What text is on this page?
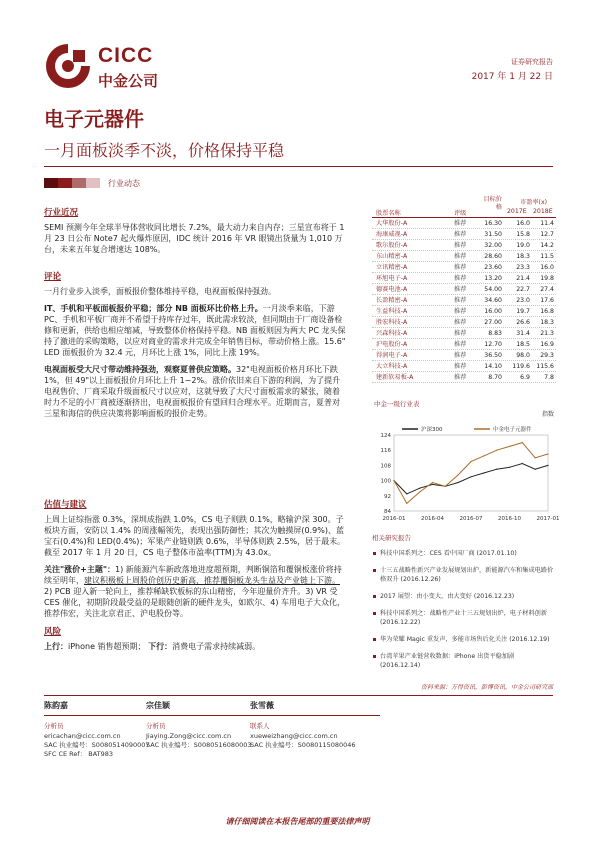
CICC
中金公司
证券研究报告
2017 年 1 月 22 日
电子元器件
一月面板淡季不淡，价格保持平稳
行业动态
行业近况
SEMI 预测今年全球半导体营收同比增长 7.2%，最大动力来自内存；三星宣布将于 1 月 23 日公布 Note7 起火爆炸原因，IDC 统计 2016 年 VR 眼镜出货量为 1,010 万台，未来五年复合增速达 108%。
评论
一月行业步入淡季，面板报价整体维持平稳，电视面板保持强劲。
IT、手机和平板面板报价平稳；部分 NB 面板环比价格上升。一月淡季来临，下游 PC、手机和平板厂商并不希望于持库存过年，既此需求较淡，但同期由于厂商设备检修和更新，供给也相应缩减，导致整体价格保持平稳。NB 面板则因为两大 PC 龙头保持了激进的采购策略，以应对商业的需求并完成全年销售目标，带动价格上涨。15.6" LED 面板报价为 32.4 元，月环比上涨 1%，同比上涨 19%。
电视面板受大尺寸带动维持强劲，观察夏普供应策略。32"电视面板价格月环比下跌 1%，但 49"以上面板报价月环比上升 1~2%。涨价依旧来自下游的利润，为了提升电视售价、厂商采取升级面板尺寸以应对，这就导致了大尺寸面板需求的紧张，随着时力不足的小厂商被逐渐挤出，电视面板报价有望回归合理水平。近期而言，夏普对三星和海信的供应决策将影响面板的报价走势。
估值与建议
上周上证综指涨 0.3%，深圳成指跌 1.0%，CS 电子则跌 0.1%，略输沪深 300。子板块方面，安防以 1.4% 的周涨幅领先，表现出强防御性；其次为触摸屏(0.9%)、蓝宝石(0.4%)和 LED(0.4%)；军果产业链则跌 0.6%，半导体则跌 2.5%，居于最末。截至 2017 年 1 月 20 日，CS 电子整体市盈率(TTM)为 43.0x。
关注"涨价+主题"：1) 新能源汽车新政落地进度超预期，判断铜箔和覆铜板涨价将持续至明年，建议积极板上周股价创历史新高，推荐覆铜板龙头生益及产业链上下游。2) PCB 迎入新一轮向上，推荐稀缺软板标的东山精密，今年迎量价齐升。3) VR 受 CES 催化，初期阶段最受益的是眼随创新的硬件龙头，如欧尔、4) 车用电子大众化，推荐伟宏，关注北京君正、沪电股份等。
风险
上行：iPhone 销售超预期； 下行：消费电子需求持续减弱。
股票名称	评级
目标价格
市盈率(x)
2017E 2018E
大华股份-A	推荐	16.30	16.0	11.4
海康威视-A	推荐	31.50	15.8	12.7
歌尔股份-A	推荐	32.00	19.0	14.2
东山精密-A	推荐	28.60	18.3	11.5
立讯精密-A	推荐	23.60	23.3	16.0
环旭电子-A	推荐	13.20	21.4	19.8
德赛电池-A	推荐	54.00	22.7	27.4
长盈精密-A	推荐	34.60	23.0	17.6
生益科技-A	推荐	16.00	19.7	16.8
胜宏科技-A	推荐	27.00	26.6	18.3
兴森科技-A	推荐	8.83	31.4	21.3
沪电股份-A	推荐	12.70	18.5	16.9
得润电子-A	推荐	36.50	98.0	29.3
大立科技-A	推荐	14.10	119.6	115.6
建新软易板-A	推荐	8.70	6.9	7.8
中金一级行业表
指数
84
92
100
108
116
124
2016-01	2016-04	2016-07	2016-10	2017-01
沪深300	中金电子元器件
相关研究报告
科技中国系列之：CES 看中国厂商 (2017.01.10)
十三五战略性新兴产业发展规划出炉，新能源汽车和集成电路价格双升 (2016.12.26)
2017 展望：由小变大，由大变好 (2016.12.23)
科技中国系列之：战略性产业十三五规划出炉，电子材料创新 (2016.12.22)
华为荣耀 Magic 重发声，多能市场售后化关注 (2016.12.19)
台湾苹果产业链营收数据：iPhone 出货平稳加剧 (2016.12.14)
资料来源：万得资讯，彭博资讯，中金公司研究部
陈韵嘉
分析员
ericachan@cicc.com.cn
SAC 执业编号：S0080514090007
SFC CE Ref： BAT983
宗佳颖
分析员
Jiaying.Zong@cicc.com.cn
SAC 执业编号：S0080516080003
张雪薇
联系人
xueweizhang@cicc.com.cn
SAC 执业编号：S0080115080046
请仔细阅读在本报告尾部的重要法律声明
